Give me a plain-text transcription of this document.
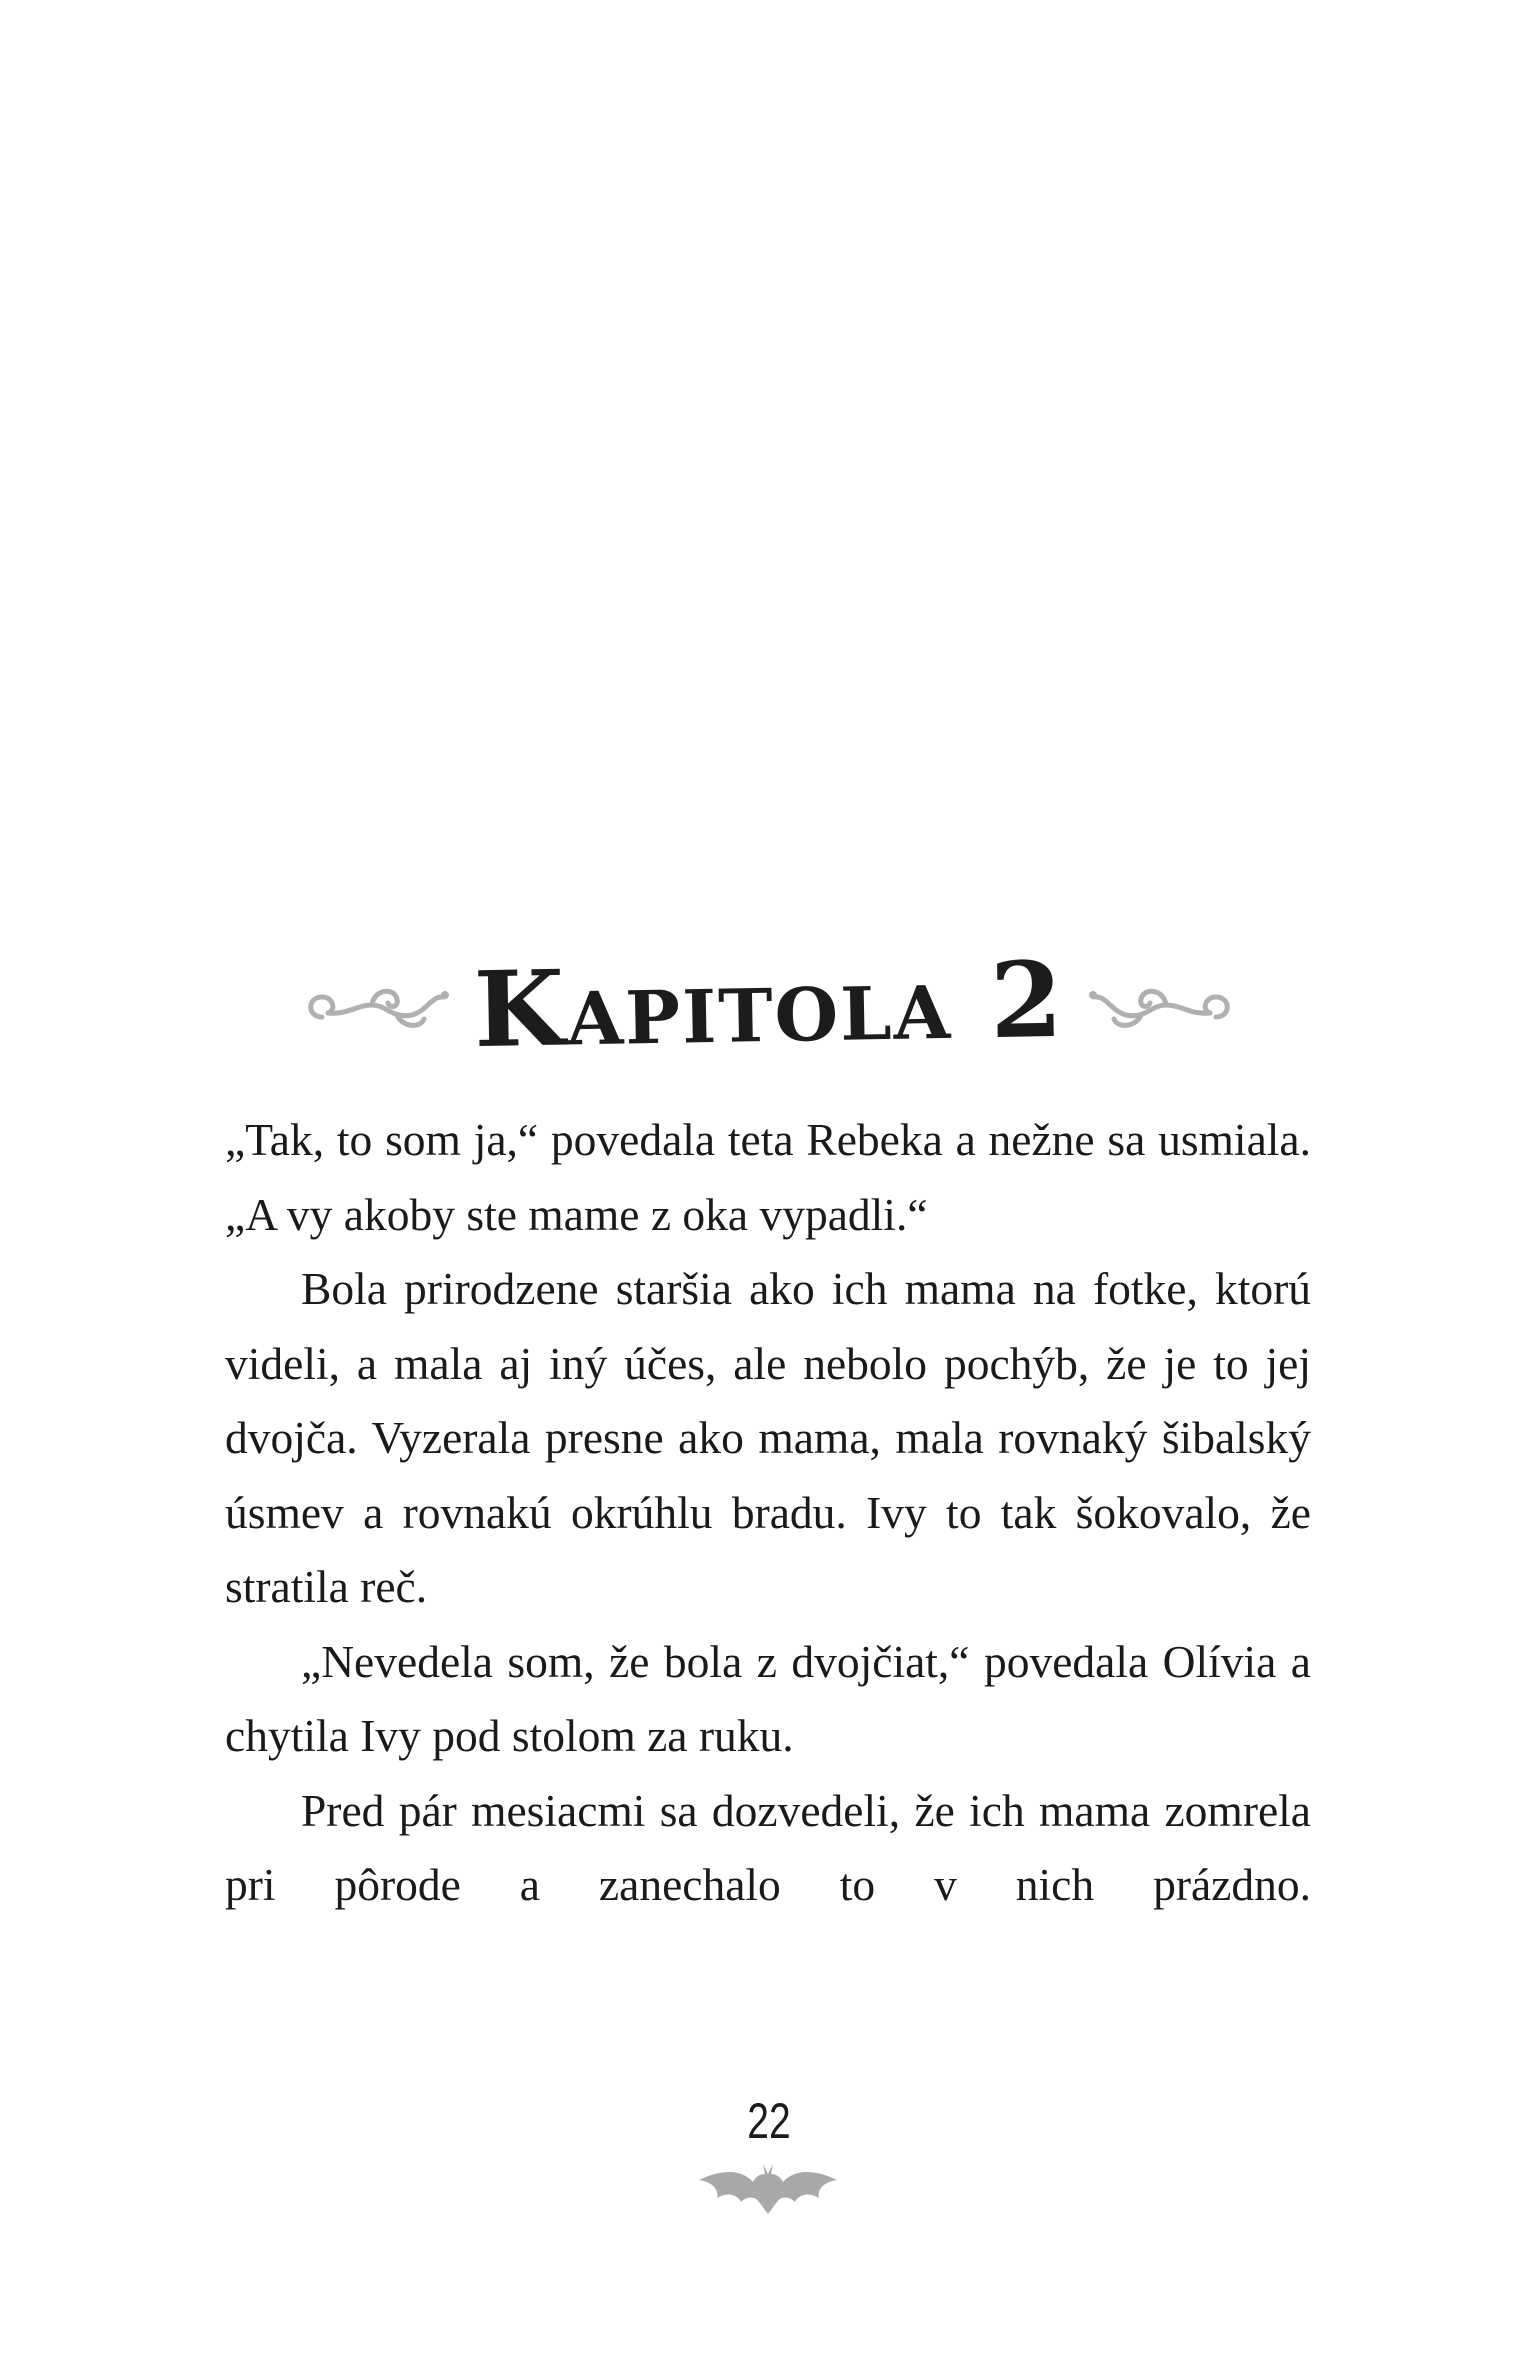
Kapitola 2

„Tak, to som ja,“ povedala teta Rebeka a nežne sa usmiala. „A vy akoby ste mame z oka vypadli.“

Bola prirodzene staršia ako ich mama na fotke, ktorú videli, a mala aj iný účes, ale nebolo pochýb, že je to jej dvojča. Vyzerala presne ako mama, mala rovnaký šibalský úsmev a rovnakú okrúhlu bradu. Ivy to tak šokovalo, že stratila reč.

„Nevedela som, že bola z dvojčiat,“ povedala Olívia a chytila Ivy pod stolom za ruku.

Pred pár mesiacmi sa dozvedeli, že ich mama zomrela pri pôrode a zanechalo to v nich prázdno.

22
